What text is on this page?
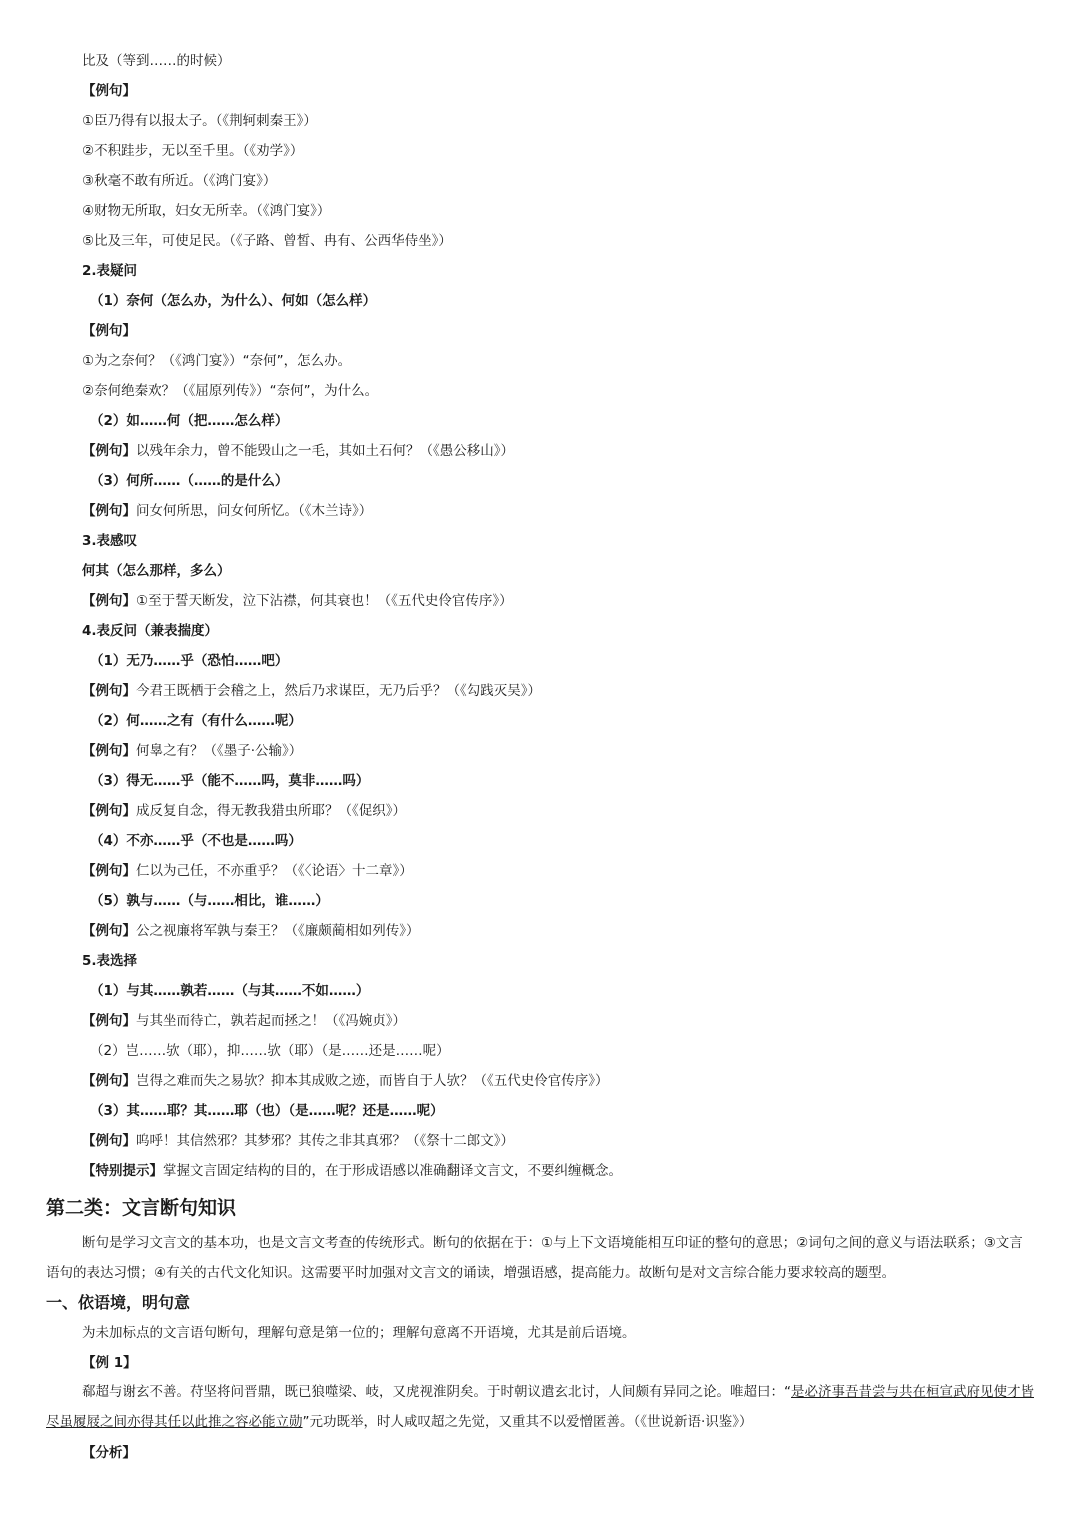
比及（等到……的时候）
【例句】
①臣乃得有以报太子。（《荆轲刺秦王》）
②不积跬步，无以至千里。（《劝学》）
③秋毫不敢有所近。（《鸿门宴》）
④财物无所取，妇女无所幸。（《鸿门宴》）
⑤比及三年，可使足民。（《子路、曾皙、冉有、公西华侍坐》）
2.表疑问
（1）奈何（怎么办，为什么）、何如（怎么样）
【例句】
①为之奈何？（《鸿门宴》）“奈何”，怎么办。
②奈何绝秦欢？（《屈原列传》）“奈何”，为什么。
（2）如……何（把……怎么样）
【例句】以残年余力，曾不能毁山之一毛，其如土石何？（《愚公移山》）
（3）何所……（……的是什么）
【例句】问女何所思，问女何所忆。（《木兰诗》）
3.表感叹
何其（怎么那样，多么）
【例句】①至于誓天断发，泣下沾襟，何其衰也！（《五代史伶官传序》）
4.表反问（兼表揣度）
（1）无乃……乎（恐怕……吧）
【例句】今君王既栖于会稽之上，然后乃求谋臣，无乃后乎？（《勾践灭吴》）
（2）何……之有（有什么……呢）
【例句】何辠之有？（《墨子·公输》）
（3）得无……乎（能不……吗，莫非……吗）
【例句】成反复自念，得无教我猎虫所耶？（《促织》）
（4）不亦……乎（不也是……吗）
【例句】仁以为己任，不亦重乎？（《〈论语〉十二章》）
（5）孰与……（与……相比，谁……）
【例句】公之视廉将军孰与秦王？（《廉颇蔺相如列传》）
5.表选择
（1）与其……孰若……（与其……不如……）
【例句】与其坐而待亡，孰若起而拯之！（《冯婉贞》）
（2）岂……欤（耶），抑……欤（耶）（是……还是……呢）
【例句】岂得之难而失之易欤？抑本其成败之迹，而皆自于人欤？（《五代史伶官传序》）
（3）其……耶？其……耶（也）（是……呢？还是……呢）
【例句】呜呼！其信然邪？其梦邪？其传之非其真邪？（《祭十二郎文》）
【特别提示】掌握文言固定结构的目的，在于形成语感以准确翻译文言文，不要纠缠概念。
第二类：文言断句知识
断句是学习文言文的基本功，也是文言文考查的传统形式。断句的依据在于：①与上下文语境能相互印证的整句的意思；②词句之间的意义与语法联系；③文言语句的表达习惯；④有关的古代文化知识。这需要平时加强对文言文的诵读，增强语感，提高能力。故断句是对文言综合能力要求较高的题型。
一、依语境，明句意
为未加标点的文言语句断句，理解句意是第一位的；理解句意离不开语境，尤其是前后语境。
【例 1】
郗超与谢玄不善。苻坚将问晋鼎，既已狼噬梁、岐，又虎视淮阴矣。于时朝议遣玄北讨，人间颇有异同之论。唯超曰：“是必济事吾昔尝与共在桓宣武府见使才皆尽虽履屐之间亦得其任以此推之容必能立勋”元功既举，时人咸叹超之先觉，又重其不以爱憎匿善。（《世说新语·识鉴》）
【分析】
